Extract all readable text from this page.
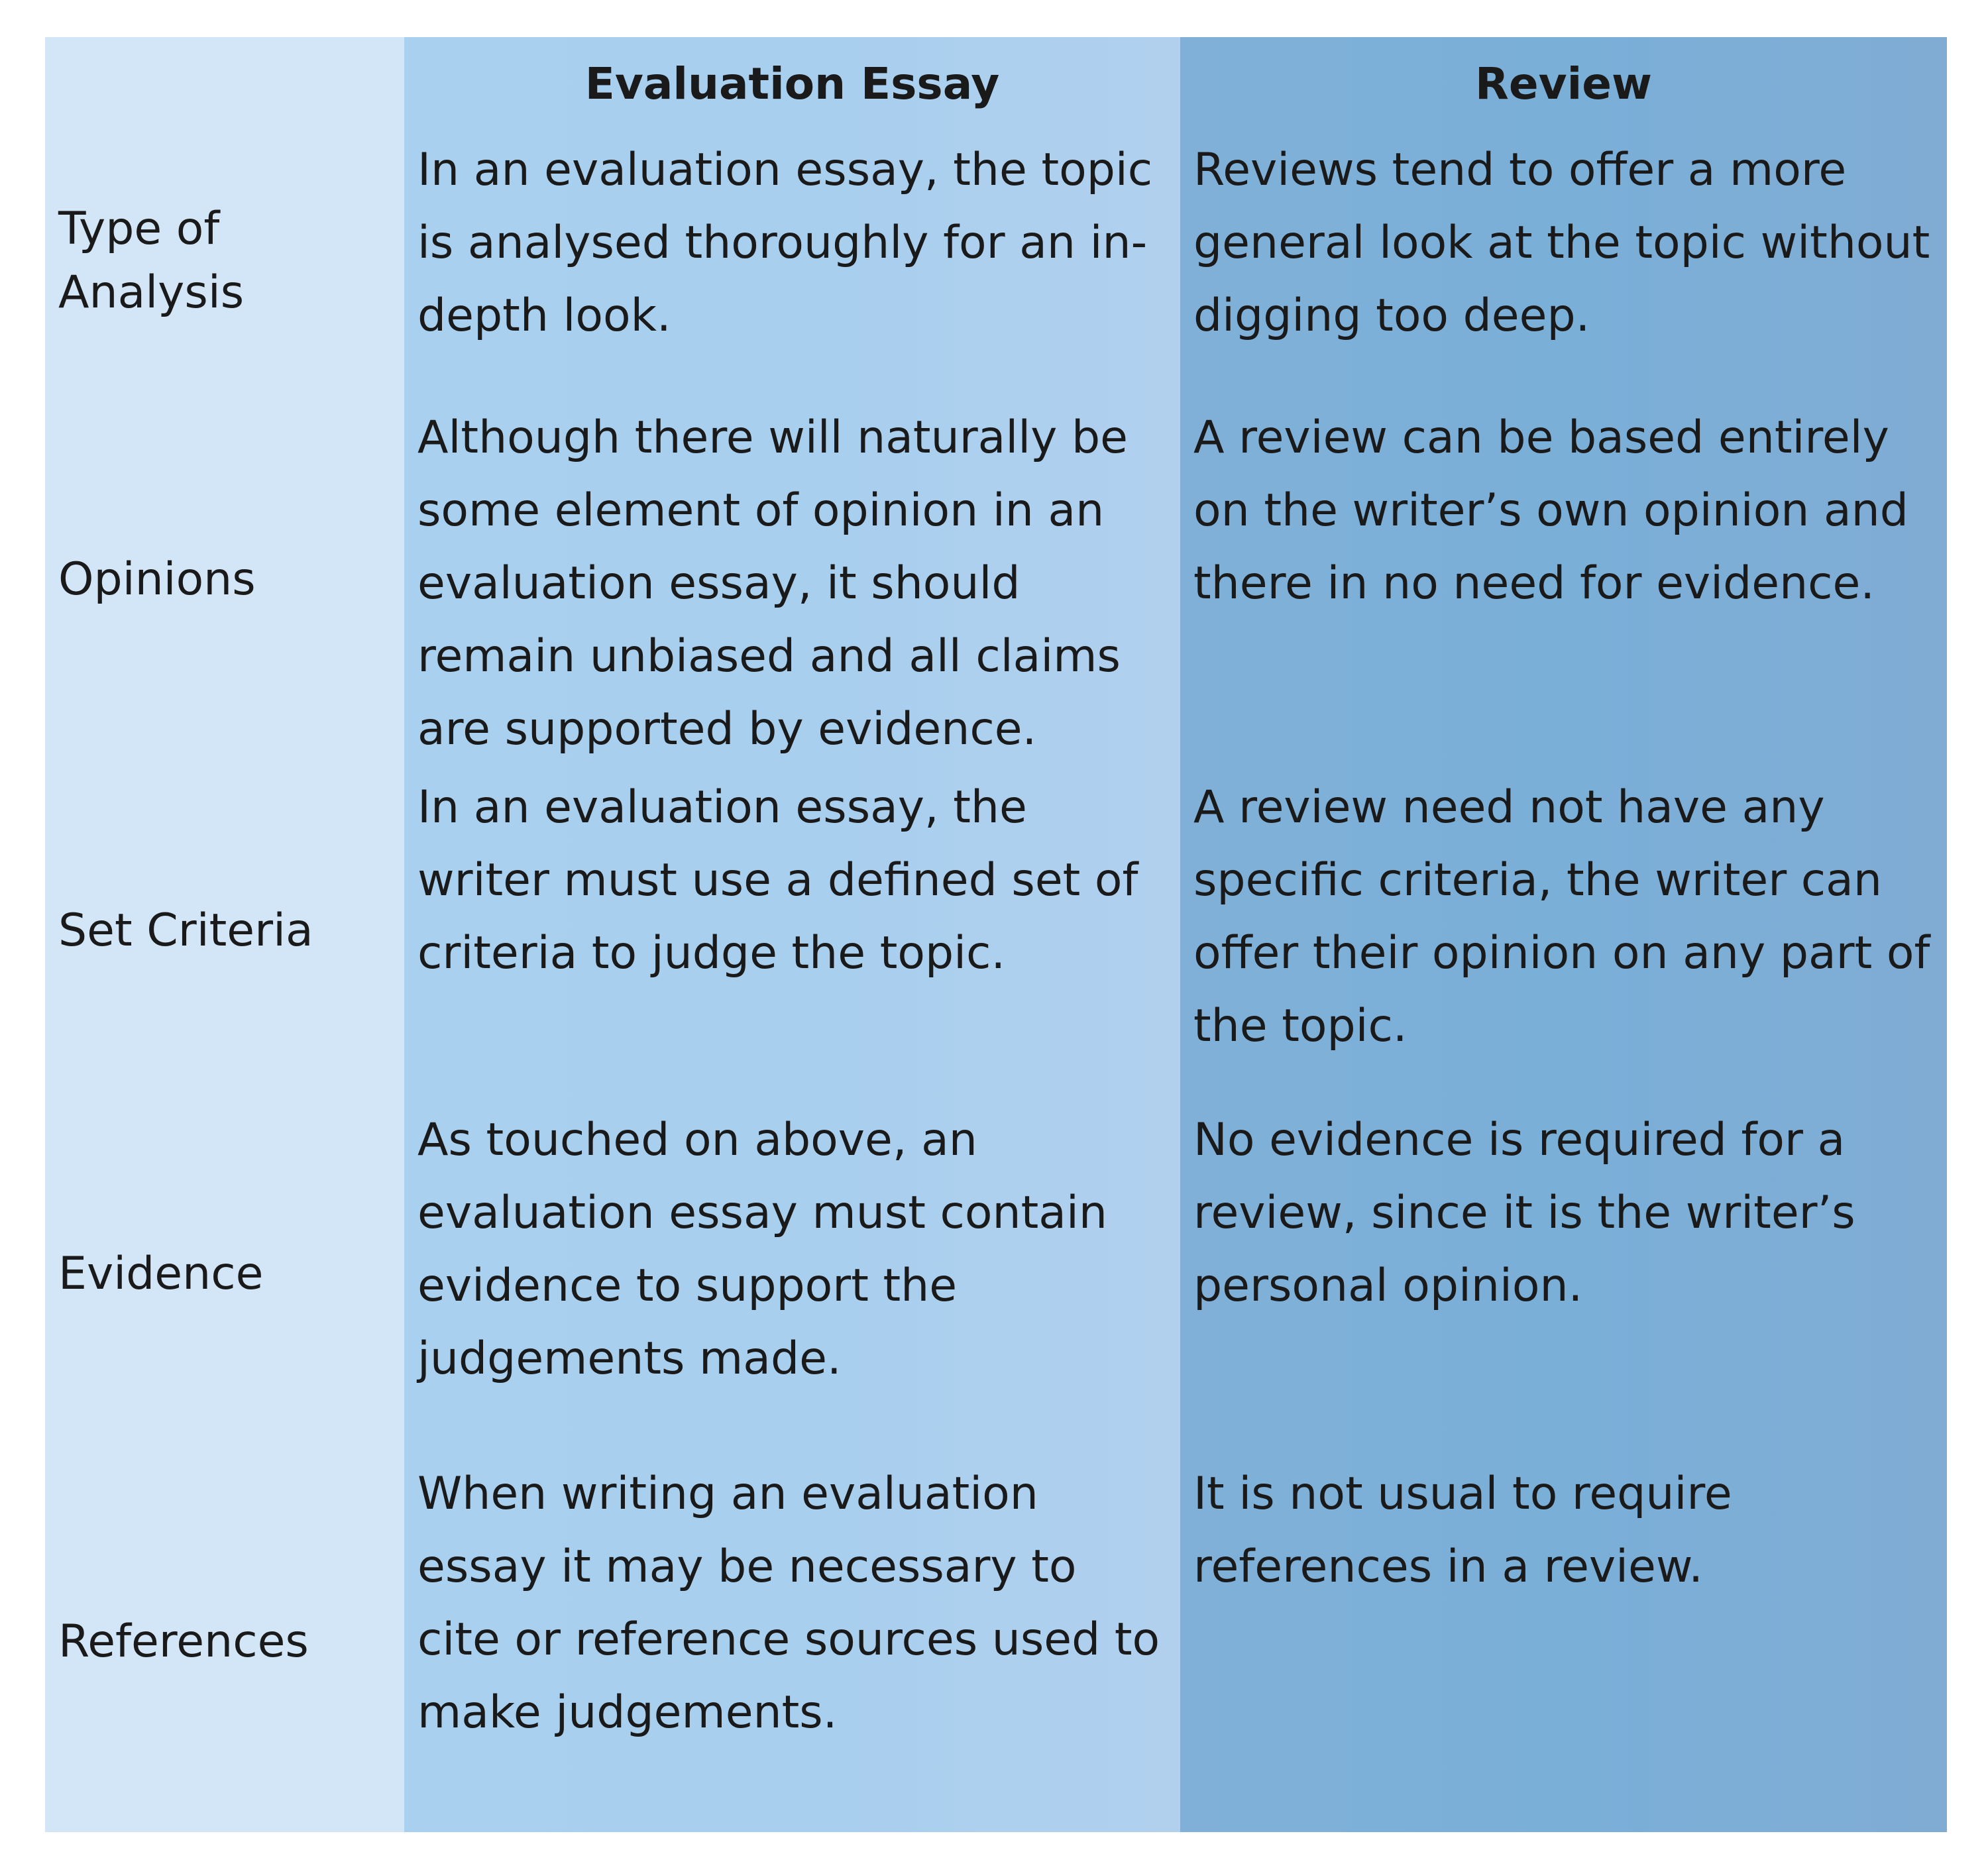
Evaluation Essay	Review
Type of
Analysis
In an evaluation essay, the topic is analysed thoroughly for an in-depth look.
Reviews tend to offer a more general look at the topic without digging too deep.
Opinions
Although there will naturally be some element of opinion in an evaluation essay, it should remain unbiased and all claims are supported by evidence.
A review can be based entirely on the writer’s own opinion and there in no need for evidence.
Set Criteria
In an evaluation essay, the writer must use a defined set of criteria to judge the topic.
A review need not have any specific criteria, the writer can offer their opinion on any part of the topic.
Evidence
As touched on above, an evaluation essay must contain evidence to support the judgements made.
No evidence is required for a review, since it is the writer’s personal opinion.
References
When writing an evaluation essay it may be necessary to cite or reference sources used to make judgements.
It is not usual to require references in a review.
